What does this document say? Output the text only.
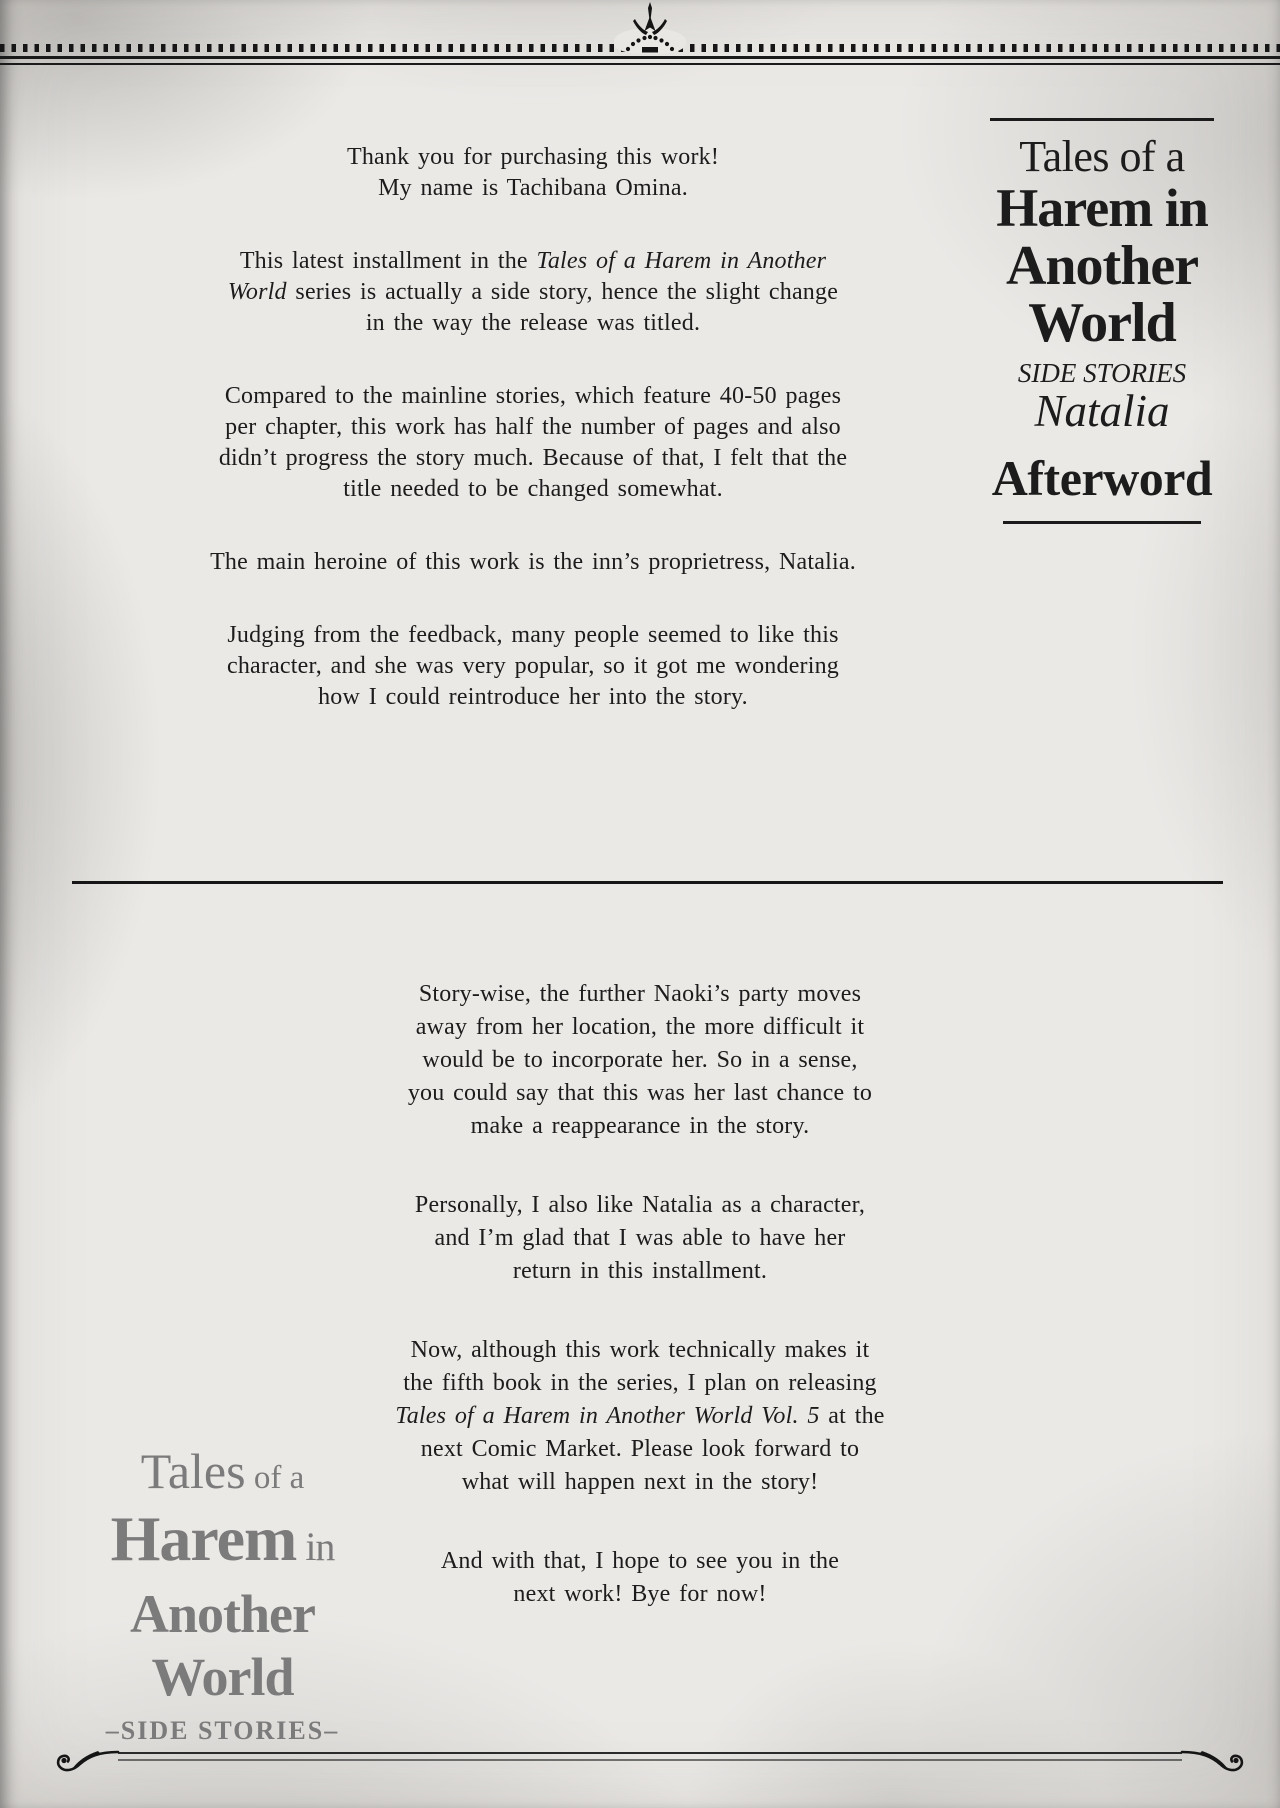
Tales of a
Harem in
Another
World
SIDE STORIES
Natalia
Afterword

Thank you for purchasing this work!
My name is Tachibana Omina.

This latest installment in the Tales of a Harem in Another
World series is actually a side story, hence the slight change
in the way the release was titled.

Compared to the mainline stories, which feature 40-50 pages
per chapter, this work has half the number of pages and also
didn’t progress the story much. Because of that, I felt that the
title needed to be changed somewhat.

The main heroine of this work is the inn’s proprietress, Natalia.

Judging from the feedback, many people seemed to like this
character, and she was very popular, so it got me wondering
how I could reintroduce her into the story.

Story-wise, the further Naoki’s party moves
away from her location, the more difficult it
would be to incorporate her. So in a sense,
you could say that this was her last chance to
make a reappearance in the story.

Personally, I also like Natalia as a character,
and I’m glad that I was able to have her
return in this installment.

Now, although this work technically makes it
the fifth book in the series, I plan on releasing
Tales of a Harem in Another World Vol. 5 at the
next Comic Market. Please look forward to
what will happen next in the story!

And with that, I hope to see you in the
next work! Bye for now!

Tales of a
Harem in
Another
World
–SIDE STORIES–
